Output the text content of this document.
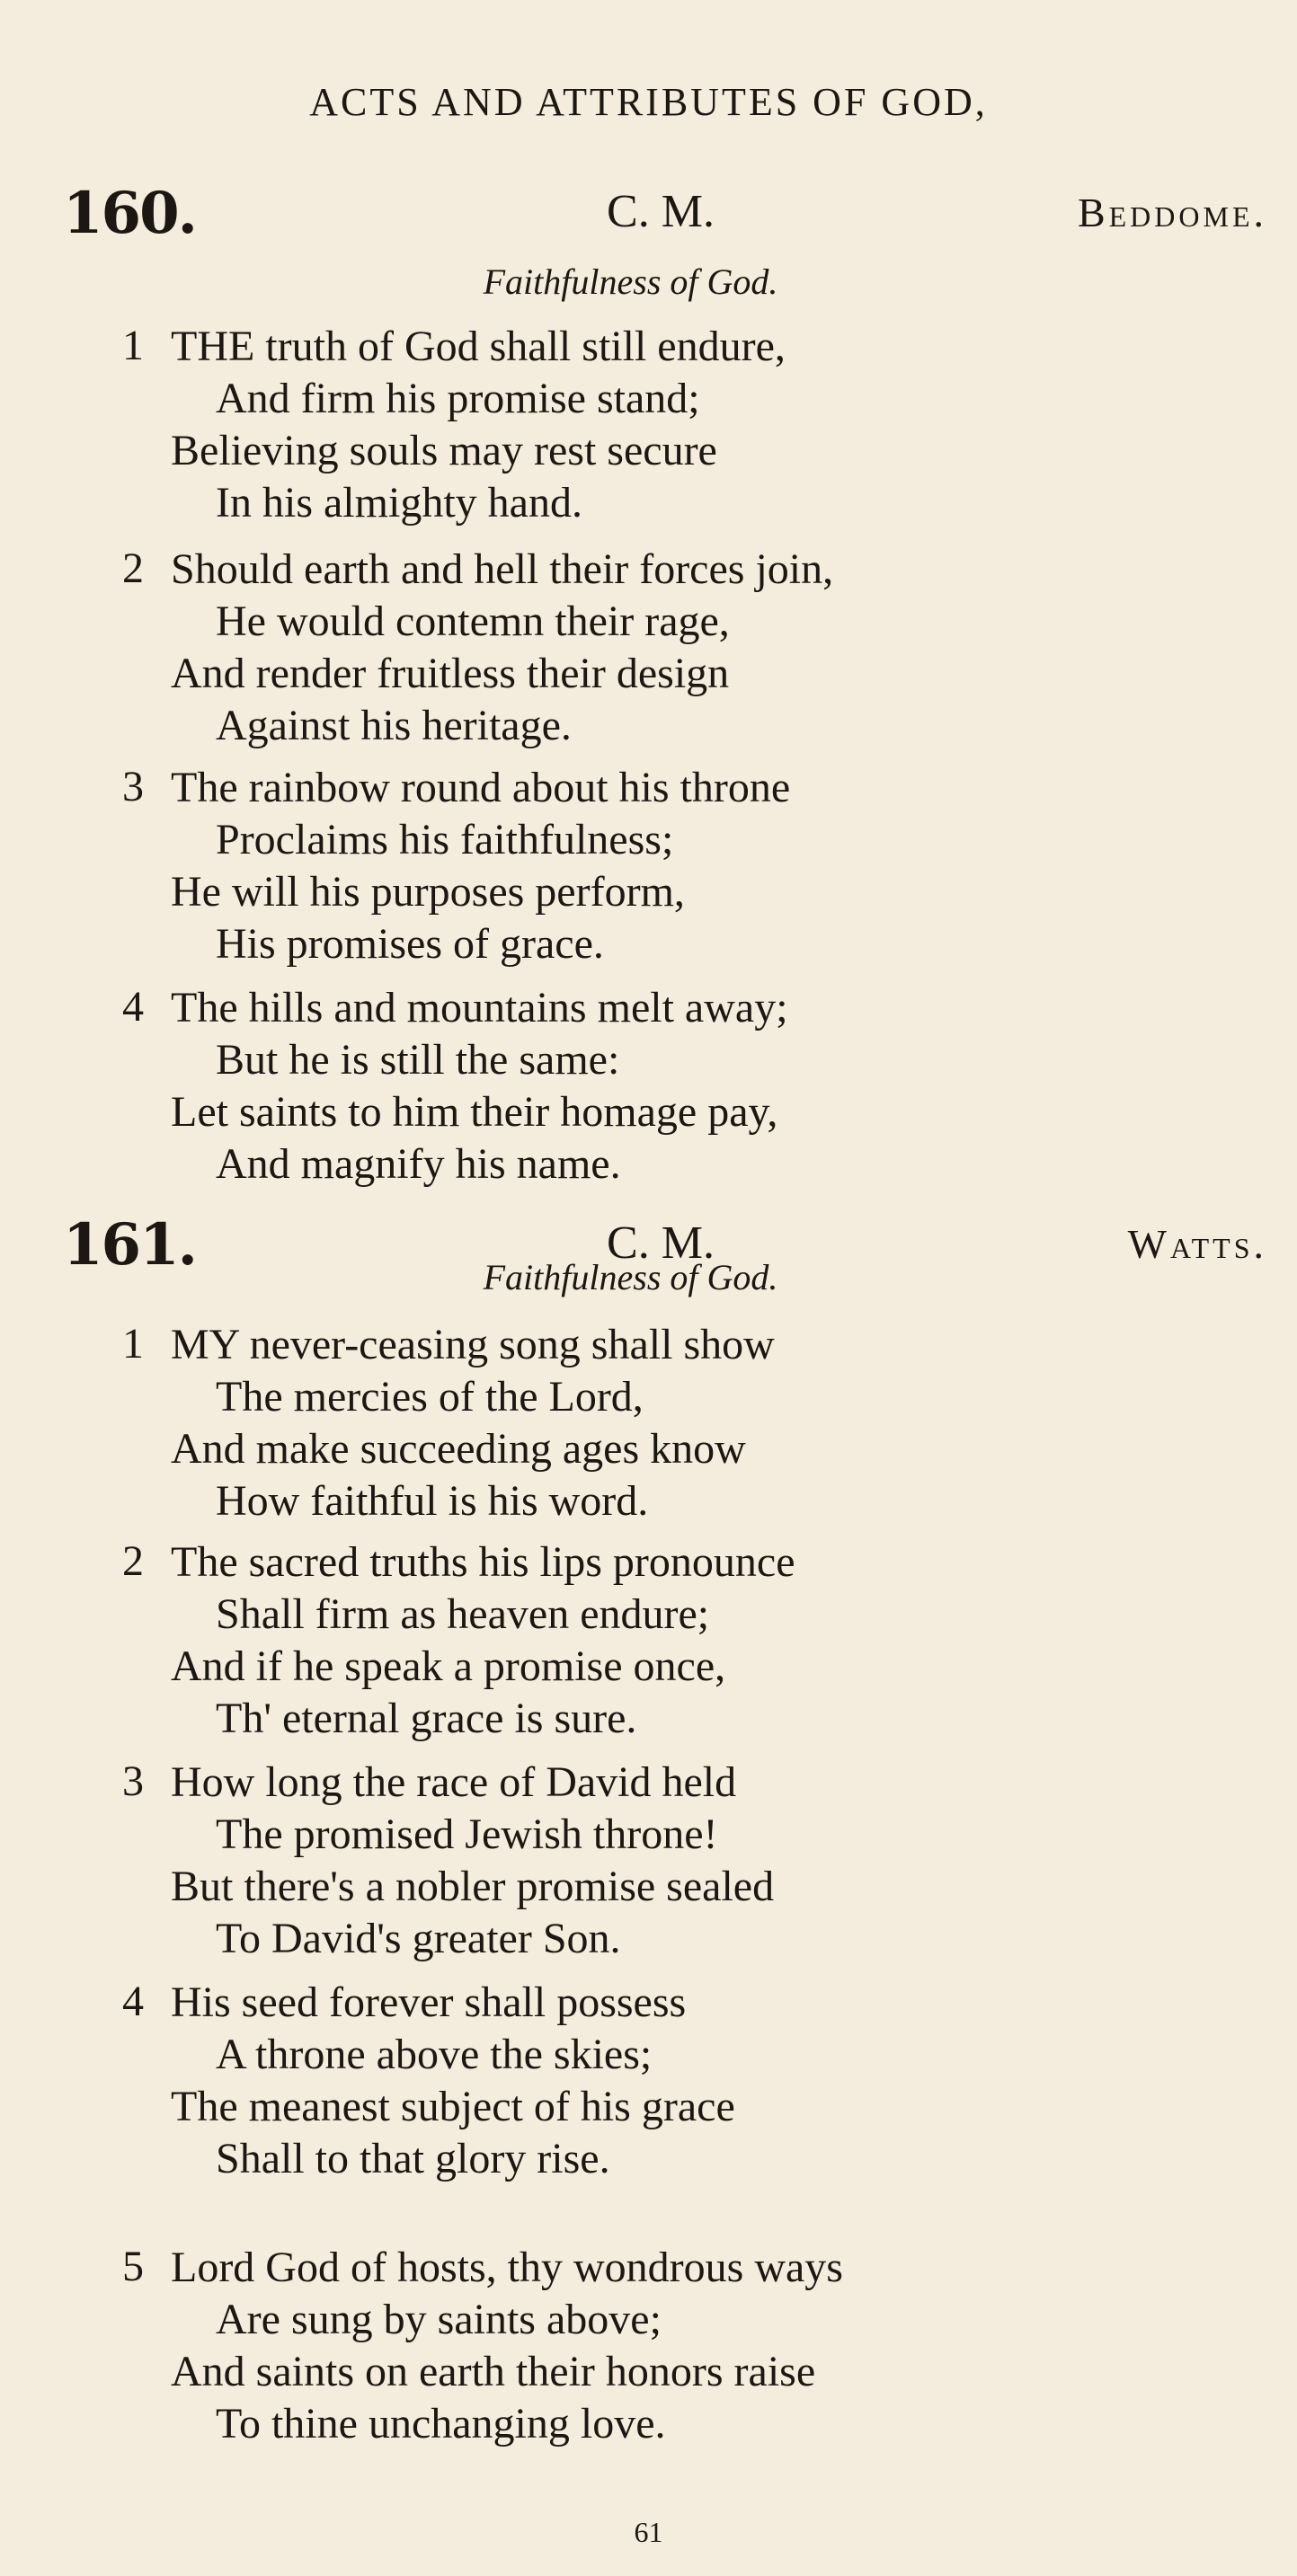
ACTS AND ATTRIBUTES OF GOD,
160.	C. M.	Beddome.
Faithfulness of God.
1 THE truth of God shall still endure,
And firm his promise stand;
Believing souls may rest secure
In his almighty hand.
2 Should earth and hell their forces join,
He would contemn their rage,
And render fruitless their design
Against his heritage.
3 The rainbow round about his throne
Proclaims his faithfulness;
He will his purposes perform,
His promises of grace.
4 The hills and mountains melt away;
But he is still the same:
Let saints to him their homage pay,
And magnify his name.
161.	C. M.	Watts.
Faithfulness of God.
1 MY never-ceasing song shall show
The mercies of the Lord,
And make succeeding ages know
How faithful is his word.
2 The sacred truths his lips pronounce
Shall firm as heaven endure;
And if he speak a promise once,
Th' eternal grace is sure.
3 How long the race of David held
The promised Jewish throne!
But there's a nobler promise sealed
To David's greater Son.
4 His seed forever shall possess
A throne above the skies;
The meanest subject of his grace
Shall to that glory rise.
5 Lord God of hosts, thy wondrous ways
Are sung by saints above;
And saints on earth their honors raise
To thine unchanging love.
61
